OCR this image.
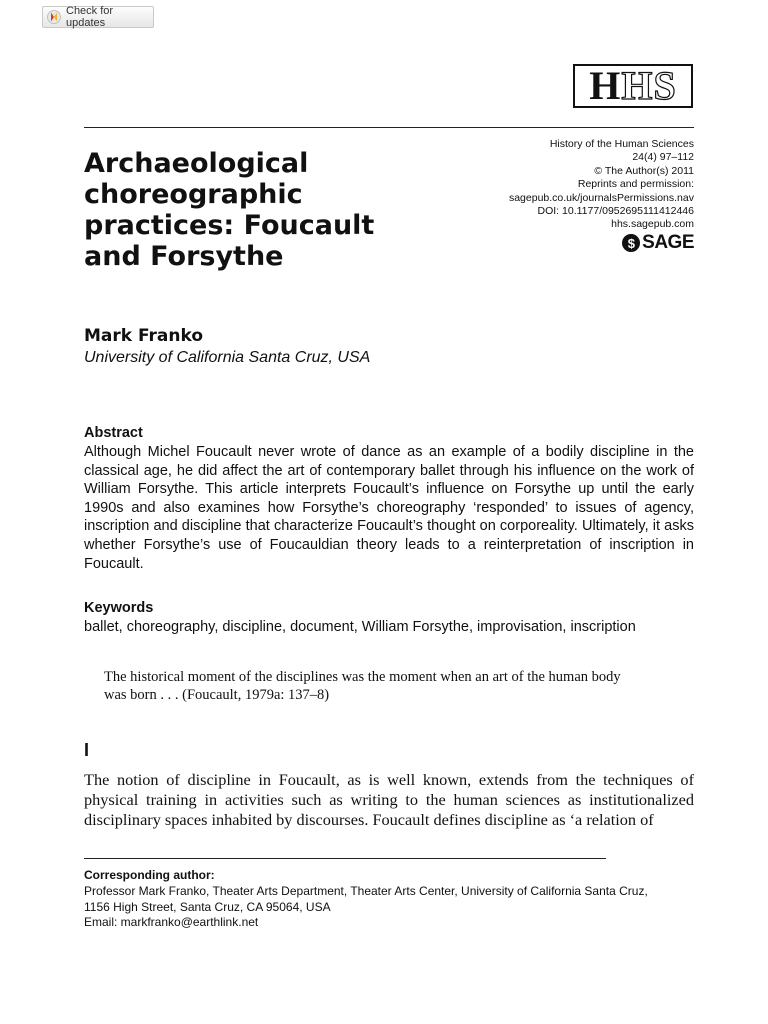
Check for updates
H HS
Archaeological choreographic practices: Foucault and Forsythe
History of the Human Sciences
24(4) 97–112
© The Author(s) 2011
Reprints and permission:
sagepub.co.uk/journalsPermissions.nav
DOI: 10.1177/0952695111412446
hhs.sagepub.com
$ SAGE
Mark Franko
University of California Santa Cruz, USA
Abstract
Although Michel Foucault never wrote of dance as an example of a bodily discipline in the classical age, he did affect the art of contemporary ballet through his influence on the work of William Forsythe. This article interprets Foucault’s influence on Forsythe up until the early 1990s and also examines how Forsythe’s choreography ‘responded’ to issues of agency, inscription and discipline that characterize Foucault’s thought on corporeality. Ultimately, it asks whether Forsythe’s use of Foucauldian theory leads to a reinterpretation of inscription in Foucault.
Keywords
ballet, choreography, discipline, document, William Forsythe, improvisation, inscription
The historical moment of the disciplines was the moment when an art of the human body
was born . . . (Foucault, 1979a: 137–8)
I
The notion of discipline in Foucault, as is well known, extends from the techniques of physical training in activities such as writing to the human sciences as institutionalized disciplinary spaces inhabited by discourses. Foucault defines discipline as ‘a relation of
Corresponding author:
Professor Mark Franko, Theater Arts Department, Theater Arts Center, University of California Santa Cruz,
1156 High Street, Santa Cruz, CA 95064, USA
Email: markfranko@earthlink.net
